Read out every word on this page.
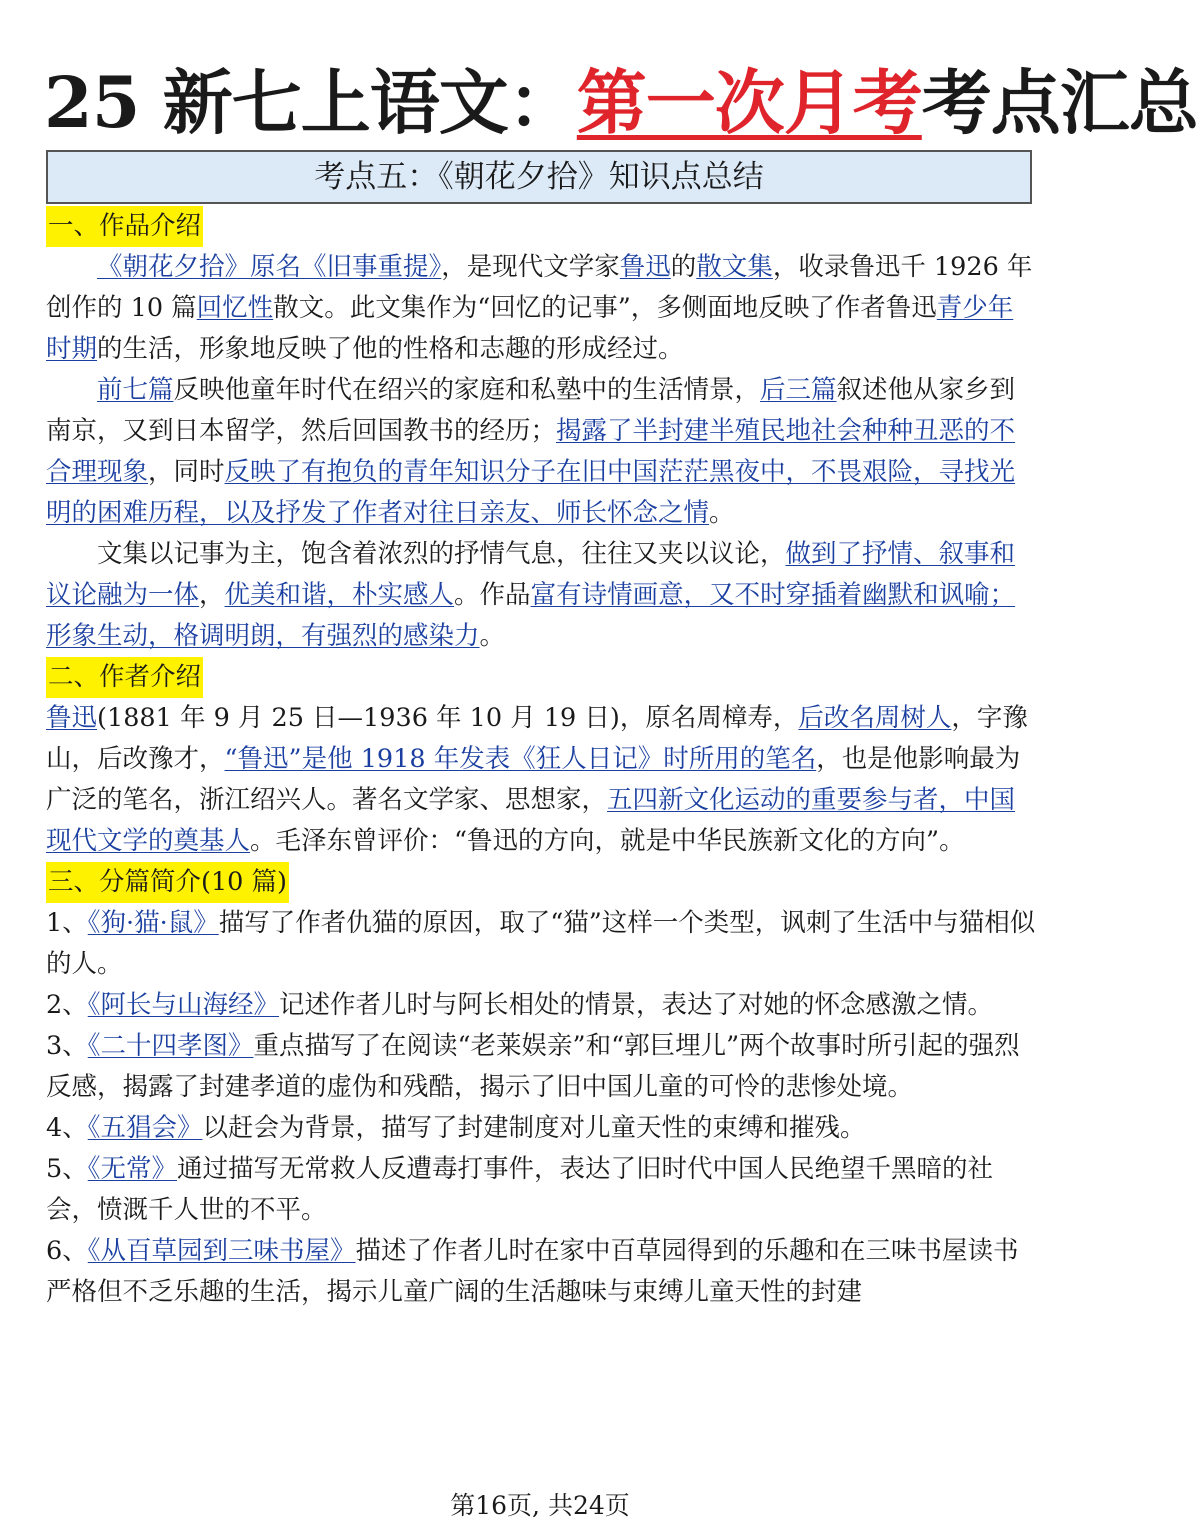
25 新七上语文：第一次月考考点汇总
考点五：《朝花夕拾》知识点总结

一、作品介绍

《朝花夕拾》原名《旧事重提》，是现代文学家鲁迅的散文集，收录鲁迅千 1926 年创作的 10 篇回忆性散文。此文集作为“回忆的记事”，多侧面地反映了作者鲁迅青少年时期的生活，形象地反映了他的性格和志趣的形成经过。

前七篇反映他童年时代在绍兴的家庭和私塾中的生活情景，后三篇叙述他从家乡到南京，又到日本留学，然后回国教书的经历；揭露了半封建半殖民地社会种种丑恶的不合理现象，同时反映了有抱负的青年知识分子在旧中国茫茫黑夜中，不畏艰险，寻找光明的困难历程，以及抒发了作者对往日亲友、师长怀念之情。

文集以记事为主，饱含着浓烈的抒情气息，往往又夹以议论，做到了抒情、叙事和议论融为一体，优美和谐，朴实感人。作品富有诗情画意，又不时穿插着幽默和讽喻；形象生动，格调明朗，有强烈的感染力。

二、作者介绍

鲁迅(1881 年 9 月 25 日—1936 年 10 月 19 日)，原名周樟寿，后改名周树人，字豫山，后改豫才，“鲁迅”是他 1918 年发表《狂人日记》时所用的笔名，也是他影响最为广泛的笔名，浙江绍兴人。著名文学家、思想家，五四新文化运动的重要参与者，中国现代文学的奠基人。毛泽东曾评价：“鲁迅的方向，就是中华民族新文化的方向”。

三、分篇简介(10 篇)

1、《狗·猫·鼠》描写了作者仇猫的原因，取了“猫”这样一个类型，讽刺了生活中与猫相似的人。

2、《阿长与山海经》记述作者儿时与阿长相处的情景，表达了对她的怀念感激之情。

3、《二十四孝图》重点描写了在阅读“老莱娱亲”和“郭巨埋儿”两个故事时所引起的强烈反感，揭露了封建孝道的虚伪和残酷，揭示了旧中国儿童的可怜的悲惨处境。

4、《五猖会》以赶会为背景，描写了封建制度对儿童天性的束缚和摧残。

5、《无常》通过描写无常救人反遭毒打事件，表达了旧时代中国人民绝望千黑暗的社会，愤溉千人世的不平。

6、《从百草园到三味书屋》描述了作者儿时在家中百草园得到的乐趣和在三味书屋读书严格但不乏乐趣的生活，揭示儿童广阔的生活趣味与束缚儿童天性的封建

第16页, 共24页
